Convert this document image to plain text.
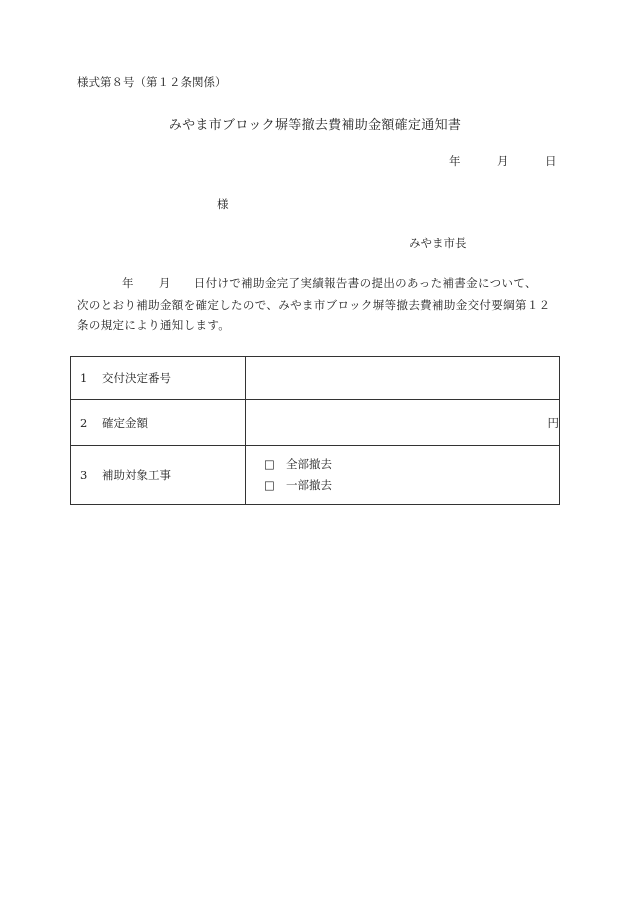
様式第８号（第１２条関係）
みやま市ブロック塀等撤去費補助金額確定通知書
年	月	日
様
みやま市長
年 月 日付けで補助金完了実績報告書の提出のあった補書金について、
次のとおり補助金額を確定したので、みやま市ブロック塀等撤去費補助金交付要綱第１２
条の規定により通知します。
1 交付決定番号	
2 確定金額	円
3 補助対象工事	□ 全部撤去
□ 一部撤去
